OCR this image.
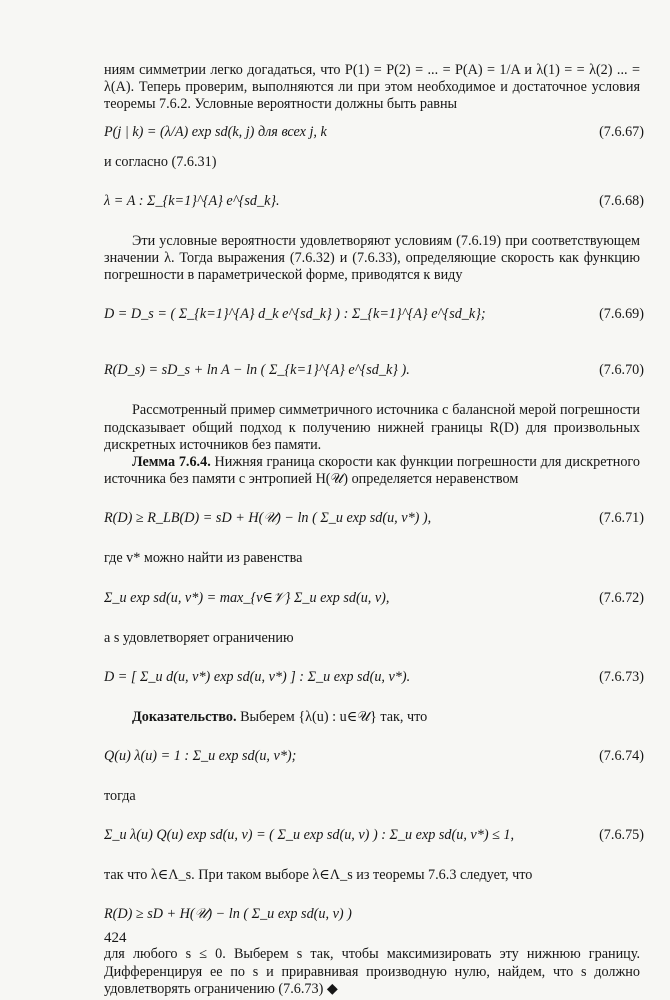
ниям симметрии легко догадаться, что P(1) = P(2) = ... = P(A) = 1/A и λ(1) = = λ(2) ... = λ(A). Теперь проверим, выполняются ли при этом необходимое и достаточное условия теоремы 7.6.2. Условные вероятности должны быть равны

P(j | k) = (λ/A) exp sd(k, j) для всех j, k	(7.6.67)

и согласно (7.6.31)

λ = A : Σ_{k=1}^{A} e^{sd_k}.	(7.6.68)

Эти условные вероятности удовлетворяют условиям (7.6.19) при соответствующем значении λ. Тогда выражения (7.6.32) и (7.6.33), определяющие скорость как функцию погрешности в параметрической форме, приводятся к виду

D = D_s = ( Σ_{k=1}^{A} d_k e^{sd_k} ) : Σ_{k=1}^{A} e^{sd_k};	(7.6.69)
R(D_s) = sD_s + ln A − ln ( Σ_{k=1}^{A} e^{sd_k} ).	(7.6.70)

Рассмотренный пример симметричного источника с балансной мерой погрешности подсказывает общий подход к получению нижней границы R(D) для произвольных дискретных источников без памяти.

Лемма 7.6.4. Нижняя граница скорости как функции погрешности для дискретного источника без памяти с энтропией H(𝒰) определяется неравенством

R(D) ≥ R_LB(D) = sD + H(𝒰) − ln ( Σ_u exp sd(u, v*) ),	(7.6.71)

где v* можно найти из равенства

Σ_u exp sd(u, v*) = max_{v∈𝒱} Σ_u exp sd(u, v),	(7.6.72)

а s удовлетворяет ограничению

D = [ Σ_u d(u, v*) exp sd(u, v*) ] : Σ_u exp sd(u, v*).	(7.6.73)

Доказательство. Выберем {λ(u) : u∈𝒰} так, что

Q(u) λ(u) = 1 : Σ_u exp sd(u, v*);	(7.6.74)

тогда

Σ_u λ(u) Q(u) exp sd(u, v) = ( Σ_u exp sd(u, v) ) : Σ_u exp sd(u, v*) ≤ 1,	(7.6.75)

так что λ∈Λ_s. При таком выборе λ∈Λ_s из теоремы 7.6.3 следует, что

R(D) ≥ sD + H(𝒰) − ln ( Σ_u exp sd(u, v) )

для любого s ≤ 0. Выберем s так, чтобы максимизировать эту нижнюю границу. Дифференцируя ее по s и приравнивая производную нулю, найдем, что s должно удовлетворять ограничению (7.6.73) ◆

424
